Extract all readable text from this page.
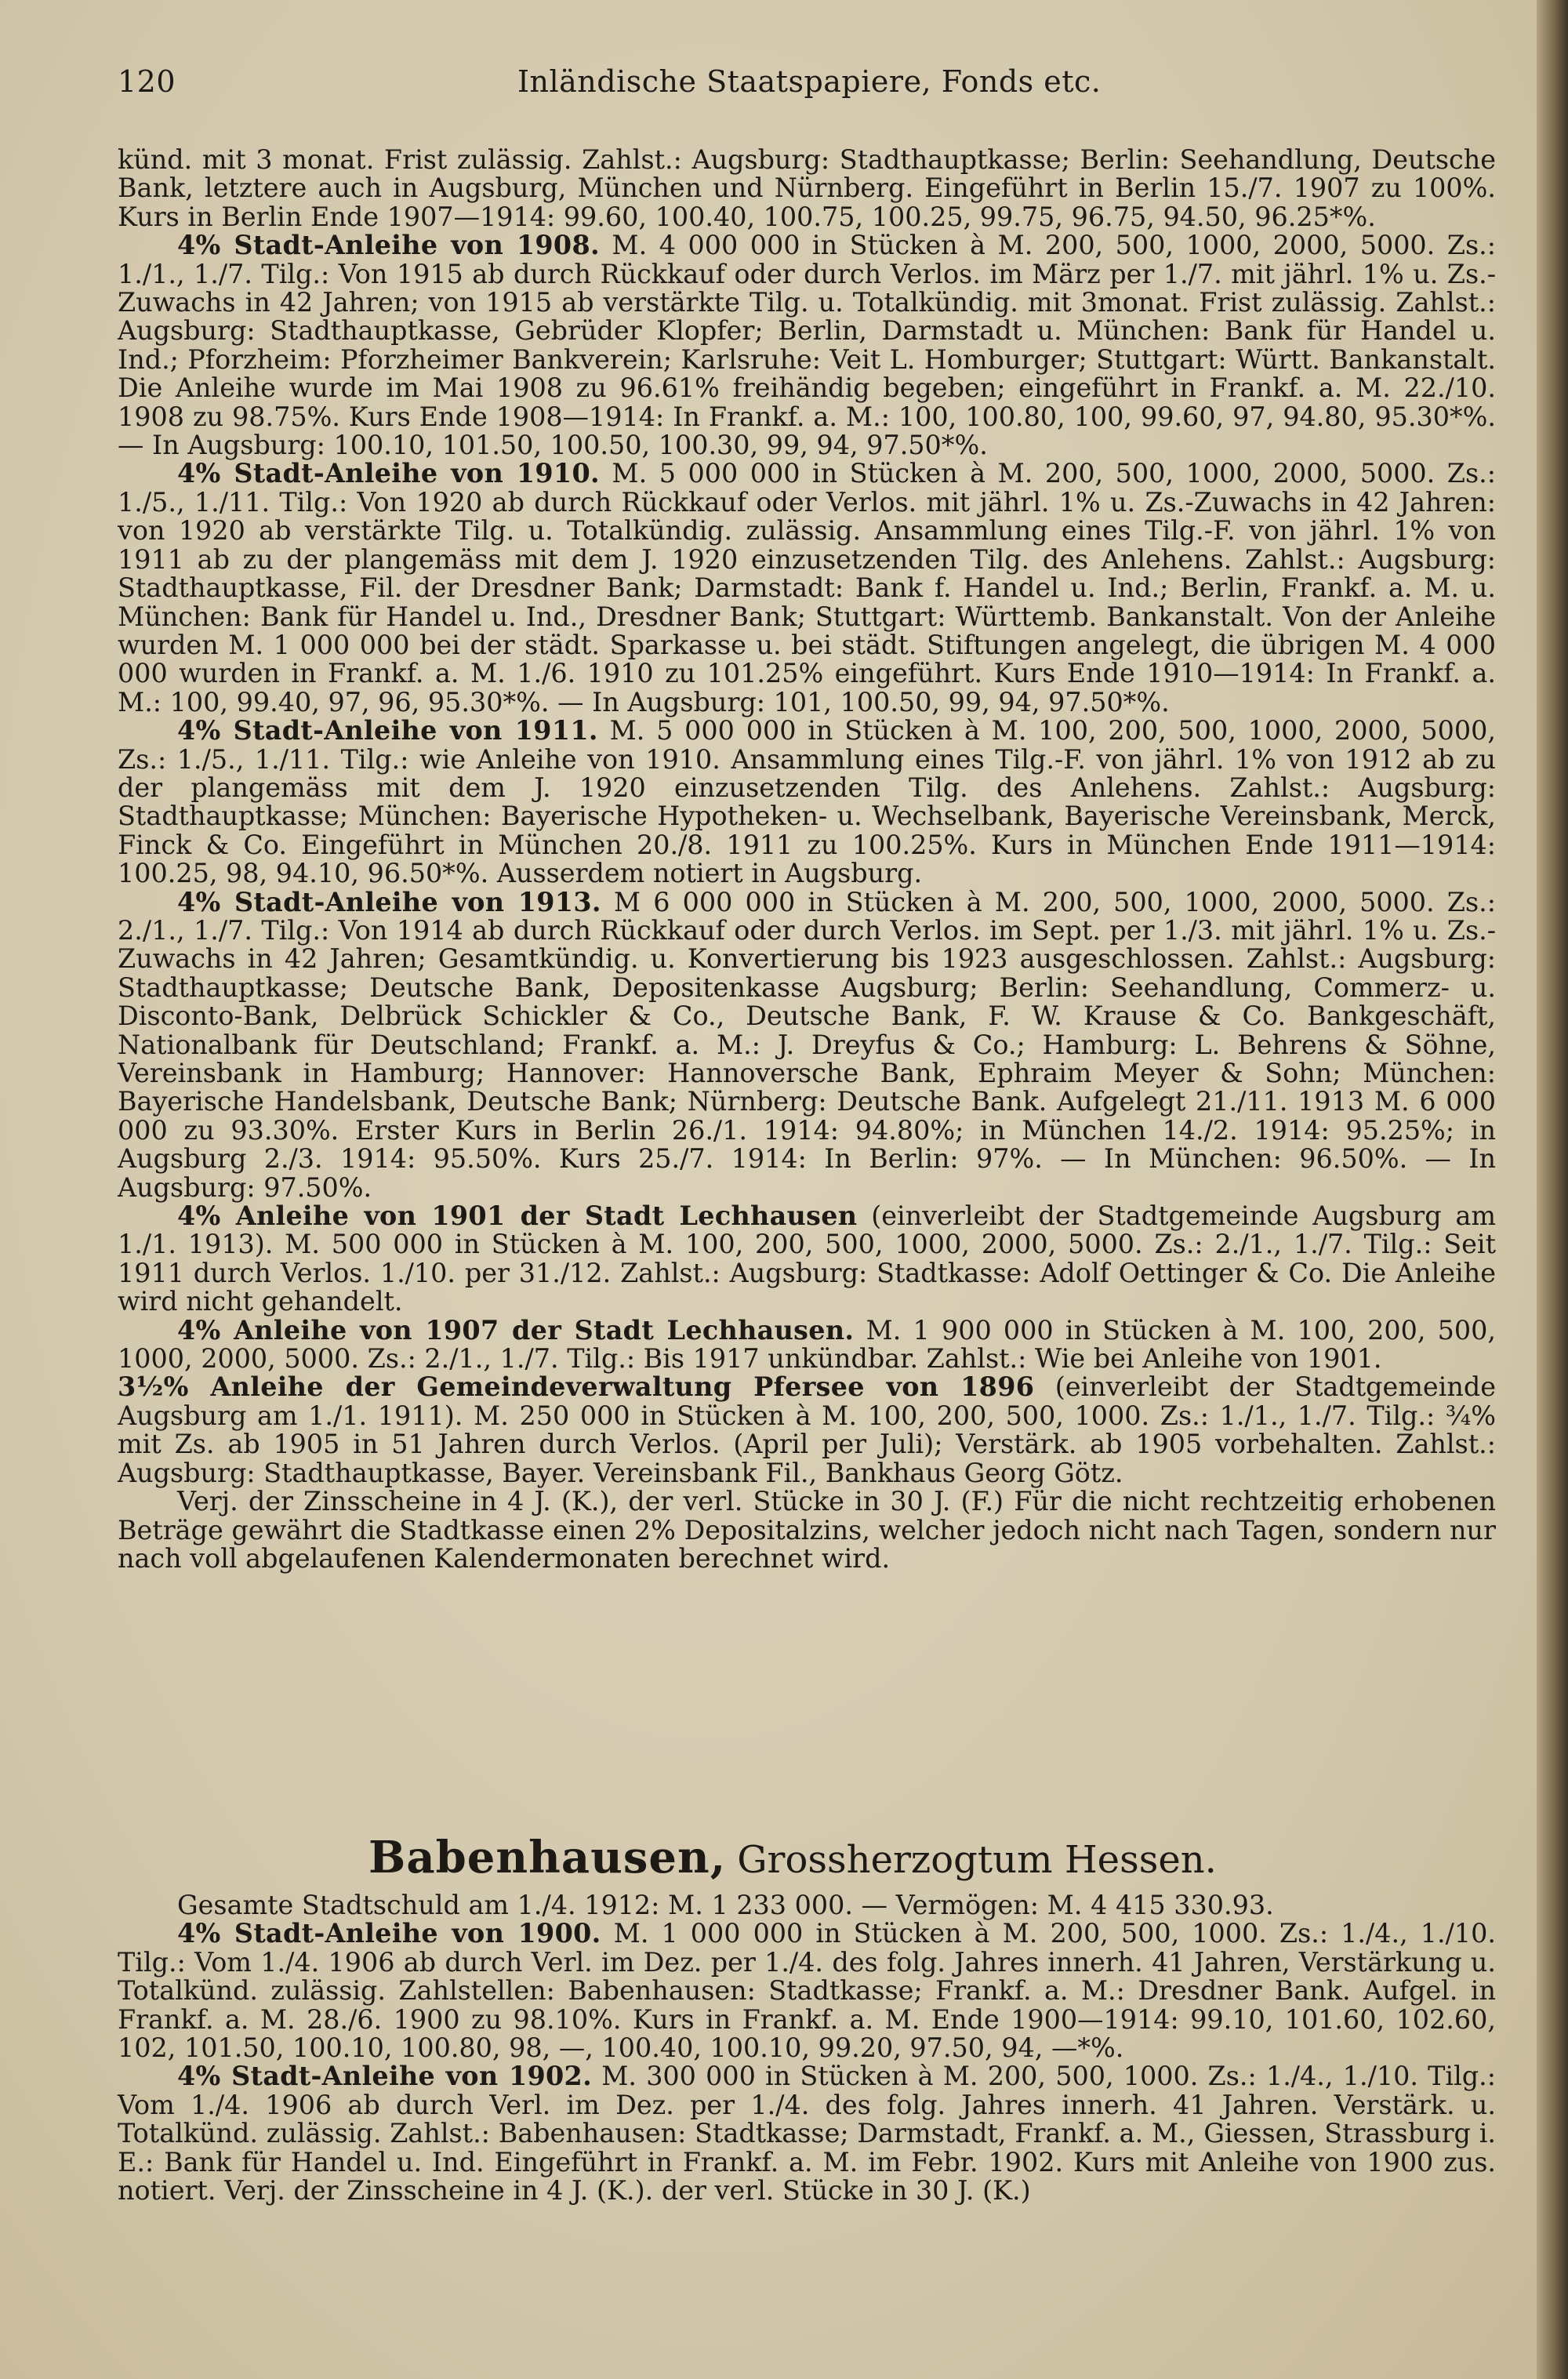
120	Inländische Staatspapiere, Fonds etc.

künd. mit 3 monat. Frist zulässig. Zahlst.: Augsburg: Stadthauptkasse; Berlin: Seehandlung, Deutsche Bank, letztere auch in Augsburg, München und Nürnberg. Eingeführt in Berlin 15./7. 1907 zu 100%. Kurs in Berlin Ende 1907—1914: 99.60, 100.40, 100.75, 100.25, 99.75, 96.75, 94.50, 96.25*%.

4% Stadt-Anleihe von 1908. M. 4 000 000 in Stücken à M. 200, 500, 1000, 2000, 5000. Zs.: 1./1., 1./7. Tilg.: Von 1915 ab durch Rückkauf oder durch Verlos. im März per 1./7. mit jährl. 1% u. Zs.-Zuwachs in 42 Jahren; von 1915 ab verstärkte Tilg. u. Totalkündig. mit 3monat. Frist zulässig. Zahlst.: Augsburg: Stadthauptkasse, Gebrüder Klopfer; Berlin, Darmstadt u. München: Bank für Handel u. Ind.; Pforzheim: Pforzheimer Bankverein; Karlsruhe: Veit L. Homburger; Stuttgart: Württ. Bankanstalt. Die Anleihe wurde im Mai 1908 zu 96.61% freihändig begeben; eingeführt in Frankf. a. M. 22./10. 1908 zu 98.75%. Kurs Ende 1908—1914: In Frankf. a. M.: 100, 100.80, 100, 99.60, 97, 94.80, 95.30*%. — In Augsburg: 100.10, 101.50, 100.50, 100.30, 99, 94, 97.50*%.

4% Stadt-Anleihe von 1910. M. 5 000 000 in Stücken à M. 200, 500, 1000, 2000, 5000. Zs.: 1./5., 1./11. Tilg.: Von 1920 ab durch Rückkauf oder Verlos. mit jährl. 1% u. Zs.-Zuwachs in 42 Jahren: von 1920 ab verstärkte Tilg. u. Totalkündig. zulässig. Ansammlung eines Tilg.-F. von jährl. 1% von 1911 ab zu der plangemäss mit dem J. 1920 einzusetzenden Tilg. des Anlehens. Zahlst.: Augsburg: Stadthauptkasse, Fil. der Dresdner Bank; Darmstadt: Bank f. Handel u. Ind.; Berlin, Frankf. a. M. u. München: Bank für Handel u. Ind., Dresdner Bank; Stuttgart: Württemb. Bankanstalt. Von der Anleihe wurden M. 1 000 000 bei der städt. Sparkasse u. bei städt. Stiftungen angelegt, die übrigen M. 4 000 000 wurden in Frankf. a. M. 1./6. 1910 zu 101.25% eingeführt. Kurs Ende 1910—1914: In Frankf. a. M.: 100, 99.40, 97, 96, 95.30*%. — In Augsburg: 101, 100.50, 99, 94, 97.50*%.

4% Stadt-Anleihe von 1911. M. 5 000 000 in Stücken à M. 100, 200, 500, 1000, 2000, 5000, Zs.: 1./5., 1./11. Tilg.: wie Anleihe von 1910. Ansammlung eines Tilg.-F. von jährl. 1% von 1912 ab zu der plangemäss mit dem J. 1920 einzusetzenden Tilg. des Anlehens. Zahlst.: Augsburg: Stadthauptkasse; München: Bayerische Hypotheken- u. Wechselbank, Bayerische Vereinsbank, Merck, Finck & Co. Eingeführt in München 20./8. 1911 zu 100.25%. Kurs in München Ende 1911—1914: 100.25, 98, 94.10, 96.50*%. Ausserdem notiert in Augsburg.

4% Stadt-Anleihe von 1913. M 6 000 000 in Stücken à M. 200, 500, 1000, 2000, 5000. Zs.: 2./1., 1./7. Tilg.: Von 1914 ab durch Rückkauf oder durch Verlos. im Sept. per 1./3. mit jährl. 1% u. Zs.-Zuwachs in 42 Jahren; Gesamtkündig. u. Konvertierung bis 1923 ausgeschlossen. Zahlst.: Augsburg: Stadthauptkasse; Deutsche Bank, Depositenkasse Augsburg; Berlin: Seehandlung, Commerz- u. Disconto-Bank, Delbrück Schickler & Co., Deutsche Bank, F. W. Krause & Co. Bankgeschäft, Nationalbank für Deutschland; Frankf. a. M.: J. Dreyfus & Co.; Hamburg: L. Behrens & Söhne, Vereinsbank in Hamburg; Hannover: Hannoversche Bank, Ephraim Meyer & Sohn; München: Bayerische Handelsbank, Deutsche Bank; Nürnberg: Deutsche Bank. Aufgelegt 21./11. 1913 M. 6 000 000 zu 93.30%. Erster Kurs in Berlin 26./1. 1914: 94.80%; in München 14./2. 1914: 95.25%; in Augsburg 2./3. 1914: 95.50%. Kurs 25./7. 1914: In Berlin: 97%. — In München: 96.50%. — In Augsburg: 97.50%.

4% Anleihe von 1901 der Stadt Lechhausen (einverleibt der Stadtgemeinde Augsburg am 1./1. 1913). M. 500 000 in Stücken à M. 100, 200, 500, 1000, 2000, 5000. Zs.: 2./1., 1./7. Tilg.: Seit 1911 durch Verlos. 1./10. per 31./12. Zahlst.: Augsburg: Stadtkasse: Adolf Oettinger & Co. Die Anleihe wird nicht gehandelt.

4% Anleihe von 1907 der Stadt Lechhausen. M. 1 900 000 in Stücken à M. 100, 200, 500, 1000, 2000, 5000. Zs.: 2./1., 1./7. Tilg.: Bis 1917 unkündbar. Zahlst.: Wie bei Anleihe von 1901.

3½% Anleihe der Gemeindeverwaltung Pfersee von 1896 (einverleibt der Stadtgemeinde Augsburg am 1./1. 1911). M. 250 000 in Stücken à M. 100, 200, 500, 1000. Zs.: 1./1., 1./7. Tilg.: ¾% mit Zs. ab 1905 in 51 Jahren durch Verlos. (April per Juli); Verstärk. ab 1905 vorbehalten. Zahlst.: Augsburg: Stadthauptkasse, Bayer. Vereinsbank Fil., Bankhaus Georg Götz.

Verj. der Zinsscheine in 4 J. (K.), der verl. Stücke in 30 J. (F.) Für die nicht rechtzeitig erhobenen Beträge gewährt die Stadtkasse einen 2% Depositalzins, welcher jedoch nicht nach Tagen, sondern nur nach voll abgelaufenen Kalendermonaten berechnet wird.

Babenhausen, Grossherzogtum Hessen.

Gesamte Stadtschuld am 1./4. 1912: M. 1 233 000. — Vermögen: M. 4 415 330.93.

4% Stadt-Anleihe von 1900. M. 1 000 000 in Stücken à M. 200, 500, 1000. Zs.: 1./4., 1./10. Tilg.: Vom 1./4. 1906 ab durch Verl. im Dez. per 1./4. des folg. Jahres innerh. 41 Jahren, Verstärkung u. Totalkünd. zulässig. Zahlstellen: Babenhausen: Stadtkasse; Frankf. a. M.: Dresdner Bank. Aufgel. in Frankf. a. M. 28./6. 1900 zu 98.10%. Kurs in Frankf. a. M. Ende 1900—1914: 99.10, 101.60, 102.60, 102, 101.50, 100.10, 100.80, 98, —, 100.40, 100.10, 99.20, 97.50, 94, —*%.

4% Stadt-Anleihe von 1902. M. 300 000 in Stücken à M. 200, 500, 1000. Zs.: 1./4., 1./10. Tilg.: Vom 1./4. 1906 ab durch Verl. im Dez. per 1./4. des folg. Jahres innerh. 41 Jahren. Verstärk. u. Totalkünd. zulässig. Zahlst.: Babenhausen: Stadtkasse; Darmstadt, Frankf. a. M., Giessen, Strassburg i. E.: Bank für Handel u. Ind. Eingeführt in Frankf. a. M. im Febr. 1902. Kurs mit Anleihe von 1900 zus. notiert. Verj. der Zinsscheine in 4 J. (K.). der verl. Stücke in 30 J. (K.)
